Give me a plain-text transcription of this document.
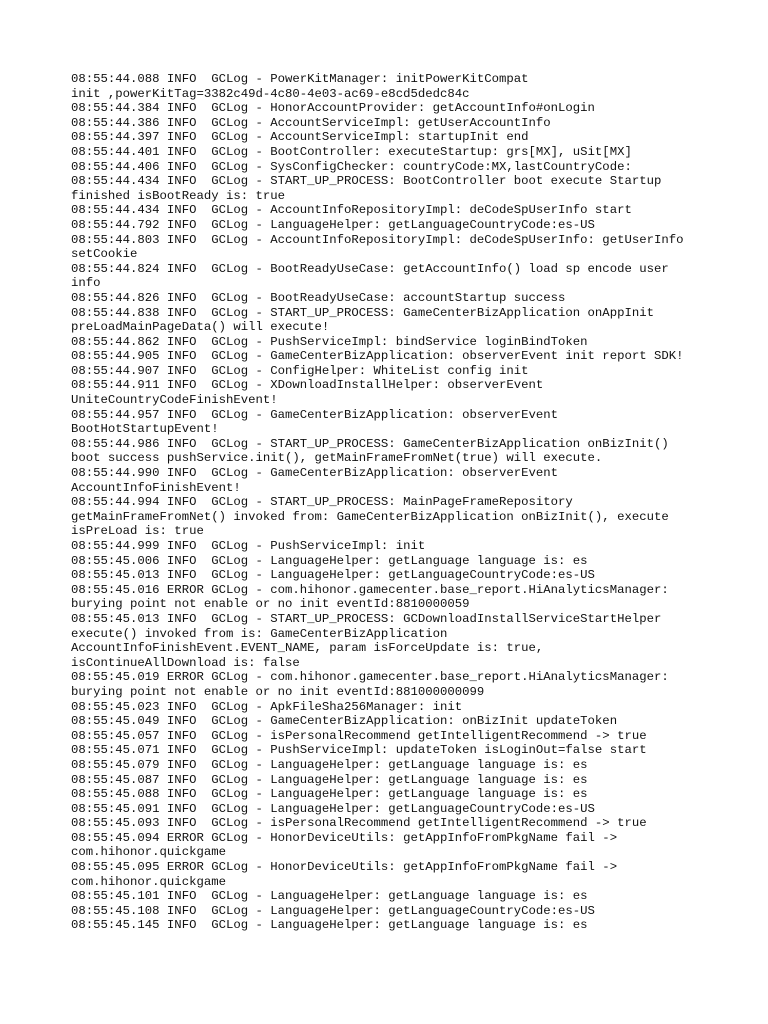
08:55:44.088 INFO  GCLog - PowerKitManager: initPowerKitCompat
init ,powerKitTag=3382c49d-4c80-4e03-ac69-e8cd5dedc84c
08:55:44.384 INFO  GCLog - HonorAccountProvider: getAccountInfo#onLogin
08:55:44.386 INFO  GCLog - AccountServiceImpl: getUserAccountInfo
08:55:44.397 INFO  GCLog - AccountServiceImpl: startupInit end
08:55:44.401 INFO  GCLog - BootController: executeStartup: grs[MX], uSit[MX]
08:55:44.406 INFO  GCLog - SysConfigChecker: countryCode:MX,lastCountryCode:
08:55:44.434 INFO  GCLog - START_UP_PROCESS: BootController boot execute Startup
finished isBootReady is: true
08:55:44.434 INFO  GCLog - AccountInfoRepositoryImpl: deCodeSpUserInfo start
08:55:44.792 INFO  GCLog - LanguageHelper: getLanguageCountryCode:es-US
08:55:44.803 INFO  GCLog - AccountInfoRepositoryImpl: deCodeSpUserInfo: getUserInfo
setCookie
08:55:44.824 INFO  GCLog - BootReadyUseCase: getAccountInfo() load sp encode user
info
08:55:44.826 INFO  GCLog - BootReadyUseCase: accountStartup success
08:55:44.838 INFO  GCLog - START_UP_PROCESS: GameCenterBizApplication onAppInit
preLoadMainPageData() will execute!
08:55:44.862 INFO  GCLog - PushServiceImpl: bindService loginBindToken
08:55:44.905 INFO  GCLog - GameCenterBizApplication: observerEvent init report SDK!
08:55:44.907 INFO  GCLog - ConfigHelper: WhiteList config init
08:55:44.911 INFO  GCLog - XDownloadInstallHelper: observerEvent
UniteCountryCodeFinishEvent!
08:55:44.957 INFO  GCLog - GameCenterBizApplication: observerEvent
BootHotStartupEvent!
08:55:44.986 INFO  GCLog - START_UP_PROCESS: GameCenterBizApplication onBizInit()
boot success pushService.init(), getMainFrameFromNet(true) will execute.
08:55:44.990 INFO  GCLog - GameCenterBizApplication: observerEvent
AccountInfoFinishEvent!
08:55:44.994 INFO  GCLog - START_UP_PROCESS: MainPageFrameRepository
getMainFrameFromNet() invoked from: GameCenterBizApplication onBizInit(), execute
isPreLoad is: true
08:55:44.999 INFO  GCLog - PushServiceImpl: init
08:55:45.006 INFO  GCLog - LanguageHelper: getLanguage language is: es
08:55:45.013 INFO  GCLog - LanguageHelper: getLanguageCountryCode:es-US
08:55:45.016 ERROR GCLog - com.hihonor.gamecenter.base_report.HiAnalyticsManager:
burying point not enable or no init eventId:8810000059
08:55:45.013 INFO  GCLog - START_UP_PROCESS: GCDownloadInstallServiceStartHelper
execute() invoked from is: GameCenterBizApplication
AccountInfoFinishEvent.EVENT_NAME, param isForceUpdate is: true,
isContinueAllDownload is: false
08:55:45.019 ERROR GCLog - com.hihonor.gamecenter.base_report.HiAnalyticsManager:
burying point not enable or no init eventId:881000000099
08:55:45.023 INFO  GCLog - ApkFileSha256Manager: init
08:55:45.049 INFO  GCLog - GameCenterBizApplication: onBizInit updateToken
08:55:45.057 INFO  GCLog - isPersonalRecommend getIntelligentRecommend -> true
08:55:45.071 INFO  GCLog - PushServiceImpl: updateToken isLoginOut=false start
08:55:45.079 INFO  GCLog - LanguageHelper: getLanguage language is: es
08:55:45.087 INFO  GCLog - LanguageHelper: getLanguage language is: es
08:55:45.088 INFO  GCLog - LanguageHelper: getLanguage language is: es
08:55:45.091 INFO  GCLog - LanguageHelper: getLanguageCountryCode:es-US
08:55:45.093 INFO  GCLog - isPersonalRecommend getIntelligentRecommend -> true
08:55:45.094 ERROR GCLog - HonorDeviceUtils: getAppInfoFromPkgName fail ->
com.hihonor.quickgame
08:55:45.095 ERROR GCLog - HonorDeviceUtils: getAppInfoFromPkgName fail ->
com.hihonor.quickgame
08:55:45.101 INFO  GCLog - LanguageHelper: getLanguage language is: es
08:55:45.108 INFO  GCLog - LanguageHelper: getLanguageCountryCode:es-US
08:55:45.145 INFO  GCLog - LanguageHelper: getLanguage language is: es
